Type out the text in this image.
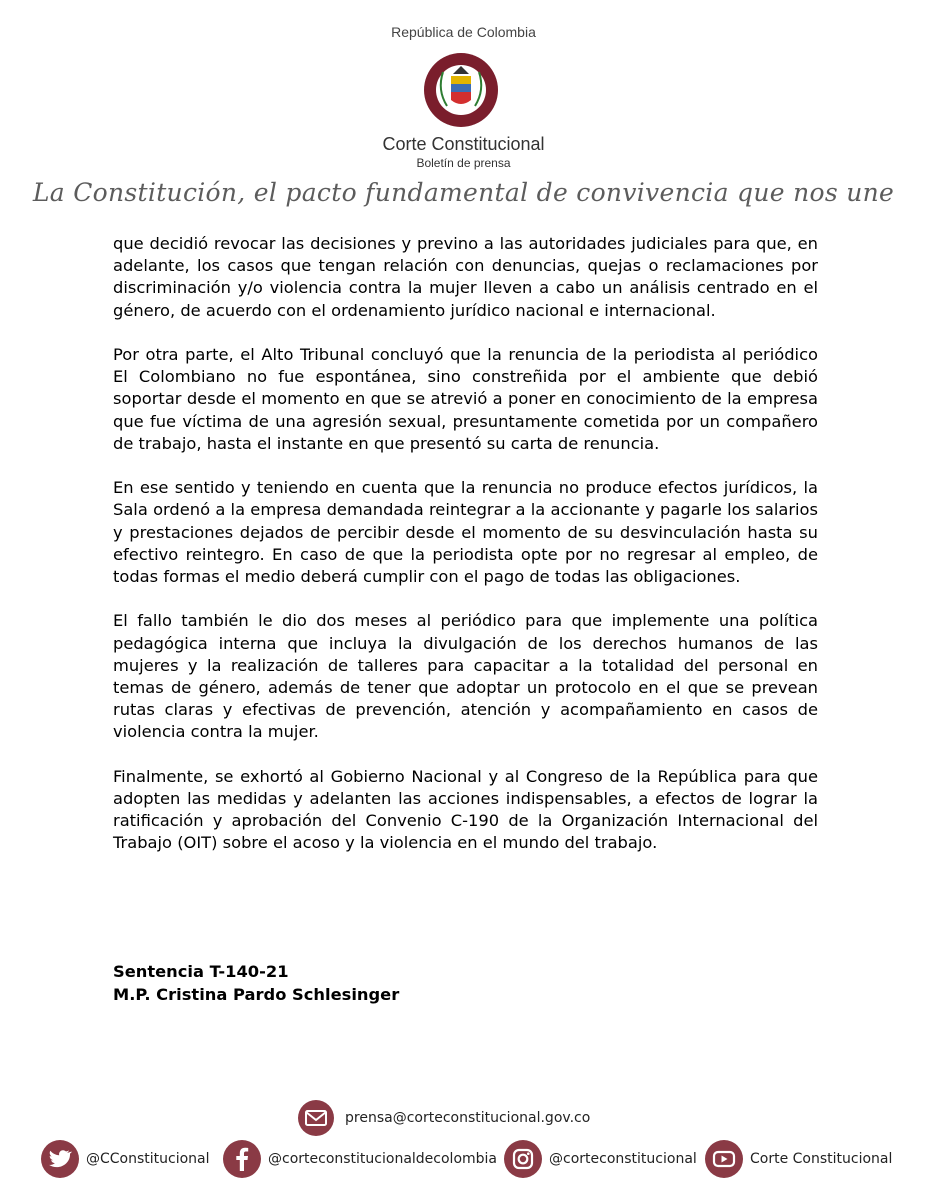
República de Colombia
Corte Constitucional
Boletín de prensa
La Constitución, el pacto fundamental de convivencia que nos une

que decidió revocar las decisiones y previno a las autoridades judiciales para que, en adelante, los casos que tengan relación con denuncias, quejas o reclamaciones por discriminación y/o violencia contra la mujer lleven a cabo un análisis centrado en el género, de acuerdo con el ordenamiento jurídico nacional e internacional.

Por otra parte, el Alto Tribunal concluyó que la renuncia de la periodista al periódico El Colombiano no fue espontánea, sino constreñida por el ambiente que debió soportar desde el momento en que se atrevió a poner en conocimiento de la empresa que fue víctima de una agresión sexual, presuntamente cometida por un compañero de trabajo, hasta el instante en que presentó su carta de renuncia.

En ese sentido y teniendo en cuenta que la renuncia no produce efectos jurídicos, la Sala ordenó a la empresa demandada reintegrar a la accionante y pagarle los salarios y prestaciones dejados de percibir desde el momento de su desvinculación hasta su efectivo reintegro. En caso de que la periodista opte por no regresar al empleo, de todas formas el medio deberá cumplir con el pago de todas las obligaciones.

El fallo también le dio dos meses al periódico para que implemente una política pedagógica interna que incluya la divulgación de los derechos humanos de las mujeres y la realización de talleres para capacitar a la totalidad del personal en temas de género, además de tener que adoptar un protocolo en el que se prevean rutas claras y efectivas de prevención, atención y acompañamiento en casos de violencia contra la mujer.

Finalmente, se exhortó al Gobierno Nacional y al Congreso de la República para que adopten las medidas y adelanten las acciones indispensables, a efectos de lograr la ratificación y aprobación del Convenio C-190 de la Organización Internacional del Trabajo (OIT) sobre el acoso y la violencia en el mundo del trabajo.

Sentencia T-140-21
M.P. Cristina Pardo Schlesinger
prensa@corteconstitucional.gov.co
@CConstitucional	@corteconstitucionaldecolombia	@corteconstitucional	Corte Constitucional
